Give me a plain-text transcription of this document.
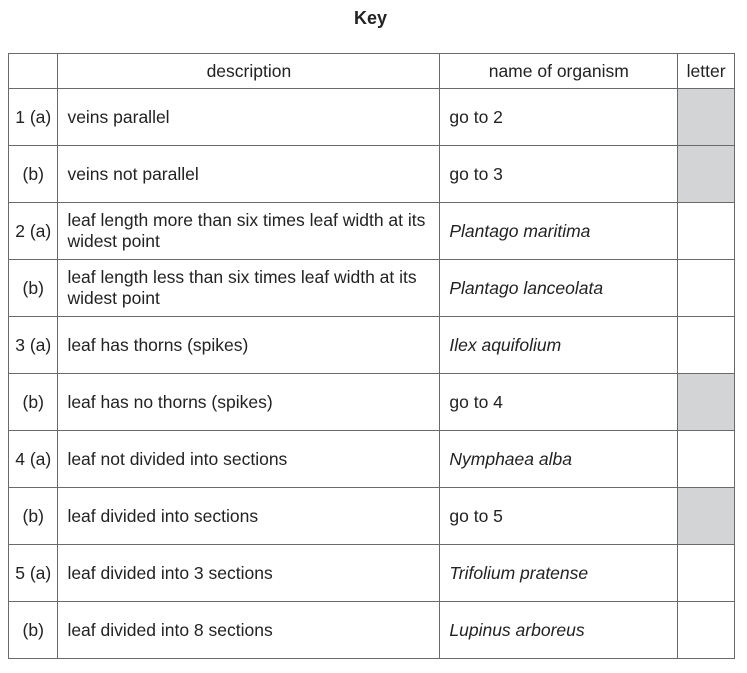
Key
	description	name of organism	letter
1 (a)	veins parallel	go to 2	
(b)	veins not parallel	go to 3	
2 (a)	leaf length more than six times leaf width at its widest point	Plantago maritima	
(b)	leaf length less than six times leaf width at its widest point	Plantago lanceolata	
3 (a)	leaf has thorns (spikes)	Ilex aquifolium	
(b)	leaf has no thorns (spikes)	go to 4	
4 (a)	leaf not divided into sections	Nymphaea alba	
(b)	leaf divided into sections	go to 5	
5 (a)	leaf divided into 3 sections	Trifolium pratense	
(b)	leaf divided into 8 sections	Lupinus arboreus	
